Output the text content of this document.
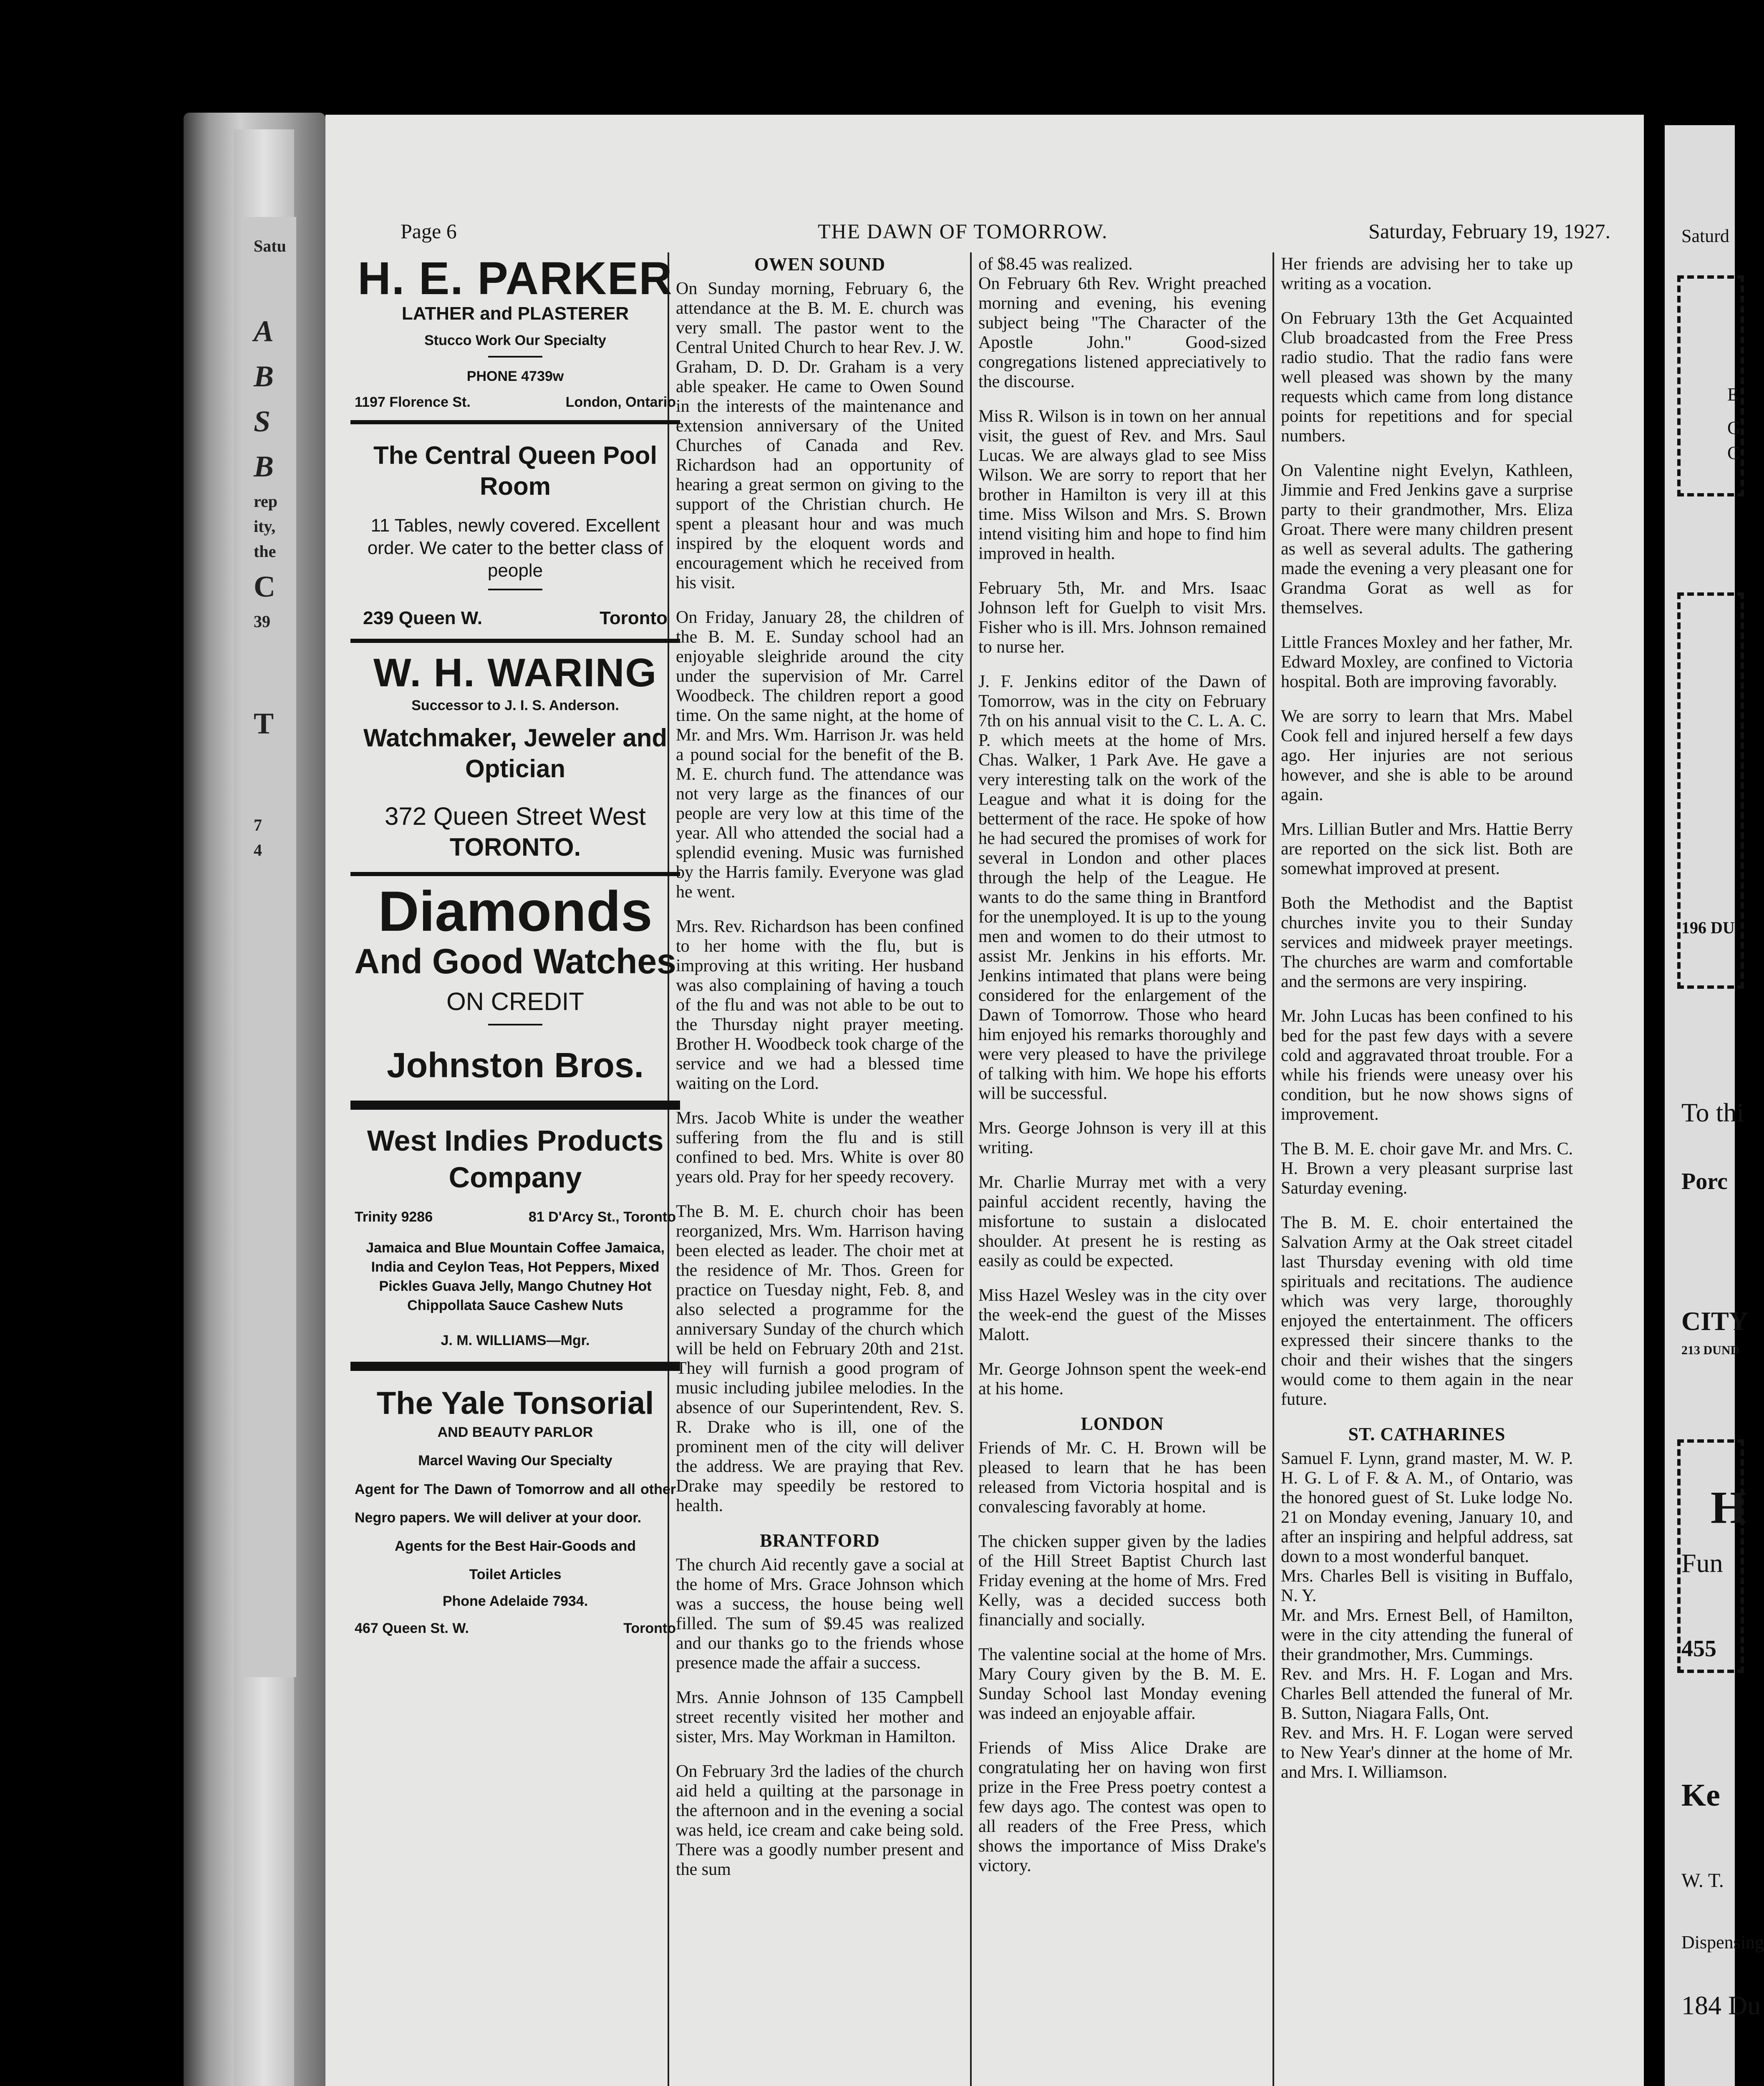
Satu
A
B
S
B
rep
ity,
the
C
39
T
7
4
Page 6	THE DAWN OF TOMORROW.	Saturday, February 19, 1927.
H. E. PARKER
LATHER and PLASTERER
Stucco Work Our Specialty
PHONE 4739w
1197 Florence St.	London, Ontario
The Central Queen Pool Room
11 Tables, newly covered. Excellent order. We cater to the better class of people
239 Queen W.	Toronto
W. H. WARING
Successor to J. I. S. Anderson.
Watchmaker, Jeweler and Optician
372 Queen Street West
TORONTO.
Diamonds
And Good Watches
ON CREDIT
Johnston Bros.
West Indies Products Company
Trinity 9286	81 D'Arcy St., Toronto
Jamaica and Blue Mountain Coffee Jamaica, India and Ceylon Teas, Hot Peppers, Mixed Pickles Guava Jelly, Mango Chutney Hot Chippollata Sauce Cashew Nuts
J. M. WILLIAMS—Mgr.
The Yale Tonsorial
AND BEAUTY PARLOR
Marcel Waving Our Specialty
Agent for The Dawn of Tomorrow and all other Negro papers. We will deliver at your door.
Agents for the Best Hair-Goods and Toilet Articles
Phone Adelaide 7934.
467 Queen St. W.	Toronto
OWEN SOUND

On Sunday morning, February 6, the attendance at the B. M. E. church was very small. The pastor went to the Central United Church to hear Rev. J. W. Graham, D. D. Dr. Graham is a very able speaker. He came to Owen Sound in the interests of the maintenance and extension anniversary of the United Churches of Canada and Rev. Richardson had an opportunity of hearing a great sermon on giving to the support of the Christian church. He spent a pleasant hour and was much inspired by the eloquent words and encouragement which he received from his visit.

On Friday, January 28, the children of the B. M. E. Sunday school had an enjoyable sleighride around the city under the supervision of Mr. Carrel Woodbeck. The children report a good time. On the same night, at the home of Mr. and Mrs. Wm. Harrison Jr. was held a pound social for the benefit of the B. M. E. church fund. The attendance was not very large as the finances of our people are very low at this time of the year. All who attended the social had a splendid evening. Music was furnished by the Harris family. Everyone was glad he went.

Mrs. Rev. Richardson has been confined to her home with the flu, but is improving at this writing. Her husband was also complaining of having a touch of the flu and was not able to be out to the Thursday night prayer meeting. Brother H. Woodbeck took charge of the service and we had a blessed time waiting on the Lord.

Mrs. Jacob White is under the weather suffering from the flu and is still confined to bed. Mrs. White is over 80 years old. Pray for her speedy recovery.

The B. M. E. church choir has been reorganized, Mrs. Wm. Harrison having been elected as leader. The choir met at the residence of Mr. Thos. Green for practice on Tuesday night, Feb. 8, and also selected a programme for the anniversary Sunday of the church which will be held on February 20th and 21st. They will furnish a good program of music including jubilee melodies. In the absence of our Superintendent, Rev. S. R. Drake who is ill, one of the prominent men of the city will deliver the address. We are praying that Rev. Drake may speedily be restored to health.

BRANTFORD

The church Aid recently gave a social at the home of Mrs. Grace Johnson which was a success, the house being well filled. The sum of $9.45 was realized and our thanks go to the friends whose presence made the affair a success.

Mrs. Annie Johnson of 135 Campbell street recently visited her mother and sister, Mrs. May Workman in Hamilton.

On February 3rd the ladies of the church aid held a quilting at the parsonage in the afternoon and in the evening a social was held, ice cream and cake being sold. There was a goodly number present and the sum

of $8.45 was realized.

On February 6th Rev. Wright preached morning and evening, his evening subject being "The Character of the Apostle John." Good-sized congregations listened appreciatively to the discourse.

Miss R. Wilson is in town on her annual visit, the guest of Rev. and Mrs. Saul Lucas. We are always glad to see Miss Wilson. We are sorry to report that her brother in Hamilton is very ill at this time. Miss Wilson and Mrs. S. Brown intend visiting him and hope to find him improved in health.

February 5th, Mr. and Mrs. Isaac Johnson left for Guelph to visit Mrs. Fisher who is ill. Mrs. Johnson remained to nurse her.

J. F. Jenkins editor of the Dawn of Tomorrow, was in the city on February 7th on his annual visit to the C. L. A. C. P. which meets at the home of Mrs. Chas. Walker, 1 Park Ave. He gave a very interesting talk on the work of the League and what it is doing for the betterment of the race. He spoke of how he had secured the promises of work for several in London and other places through the help of the League. He wants to do the same thing in Brantford for the unemployed. It is up to the young men and women to do their utmost to assist Mr. Jenkins in his efforts. Mr. Jenkins intimated that plans were being considered for the enlargement of the Dawn of Tomorrow. Those who heard him enjoyed his remarks thoroughly and were very pleased to have the privilege of talking with him. We hope his efforts will be successful.

Mrs. George Johnson is very ill at this writing.

Mr. Charlie Murray met with a very painful accident recently, having the misfortune to sustain a dislocated shoulder. At present he is resting as easily as could be expected.

Miss Hazel Wesley was in the city over the week-end the guest of the Misses Malott.

Mr. George Johnson spent the week-end at his home.

LONDON

Friends of Mr. C. H. Brown will be pleased to learn that he has been released from Victoria hospital and is convalescing favorably at home.

The chicken supper given by the ladies of the Hill Street Baptist Church last Friday evening at the home of Mrs. Fred Kelly, was a decided success both financially and socially.

The valentine social at the home of Mrs. Mary Coury given by the B. M. E. Sunday School last Monday evening was indeed an enjoyable affair.

Friends of Miss Alice Drake are congratulating her on having won first prize in the Free Press poetry contest a few days ago. The contest was open to all readers of the Free Press, which shows the importance of Miss Drake's victory.

Her friends are advising her to take up writing as a vocation.

On February 13th the Get Acquainted Club broadcasted from the Free Press radio studio. That the radio fans were well pleased was shown by the many requests which came from long distance points for repetitions and for special numbers.

On Valentine night Evelyn, Kathleen, Jimmie and Fred Jenkins gave a surprise party to their grandmother, Mrs. Eliza Groat. There were many children present as well as several adults. The gathering made the evening a very pleasant one for Grandma Gorat as well as for themselves.

Little Frances Moxley and her father, Mr. Edward Moxley, are confined to Victoria hospital. Both are improving favorably.

We are sorry to learn that Mrs. Mabel Cook fell and injured herself a few days ago. Her injuries are not serious however, and she is able to be around again.

Mrs. Lillian Butler and Mrs. Hattie Berry are reported on the sick list. Both are somewhat improved at present.

Both the Methodist and the Baptist churches invite you to their Sunday services and midweek prayer meetings. The churches are warm and comfortable and the sermons are very inspiring.

Mr. John Lucas has been confined to his bed for the past few days with a severe cold and aggravated throat trouble. For a while his friends were uneasy over his condition, but he now shows signs of improvement.

The B. M. E. choir gave Mr. and Mrs. C. H. Brown a very pleasant surprise last Saturday evening.

The B. M. E. choir entertained the Salvation Army at the Oak street citadel last Thursday evening with old time spirituals and recitations. The audience which was very large, thoroughly enjoyed the entertainment. The officers expressed their sincere thanks to the choir and their wishes that the singers would come to them again in the near future.

ST. CATHARINES

Samuel F. Lynn, grand master, M. W. P. H. G. L of F. & A. M., of Ontario, was the honored guest of St. Luke lodge No. 21 on Monday evening, January 10, and after an inspiring and helpful address, sat down to a most wonderful banquet.

Mrs. Charles Bell is visiting in Buffalo, N. Y.

Mr. and Mrs. Ernest Bell, of Hamilton, were in the city attending the funeral of their grandmother, Mrs. Cummings.

Rev. and Mrs. H. F. Logan and Mrs. Charles Bell attended the funeral of Mr. B. Sutton, Niagara Falls, Ont.

Rev. and Mrs. H. F. Logan were served to New Year's dinner at the home of Mr. and Mrs. I. Williamson.

Saturd
E
G
C
196 DU
To thi
Porc
CITY
213 DUND
H
Fun
455
Ke
W. T.
Dispensing
184 Du
